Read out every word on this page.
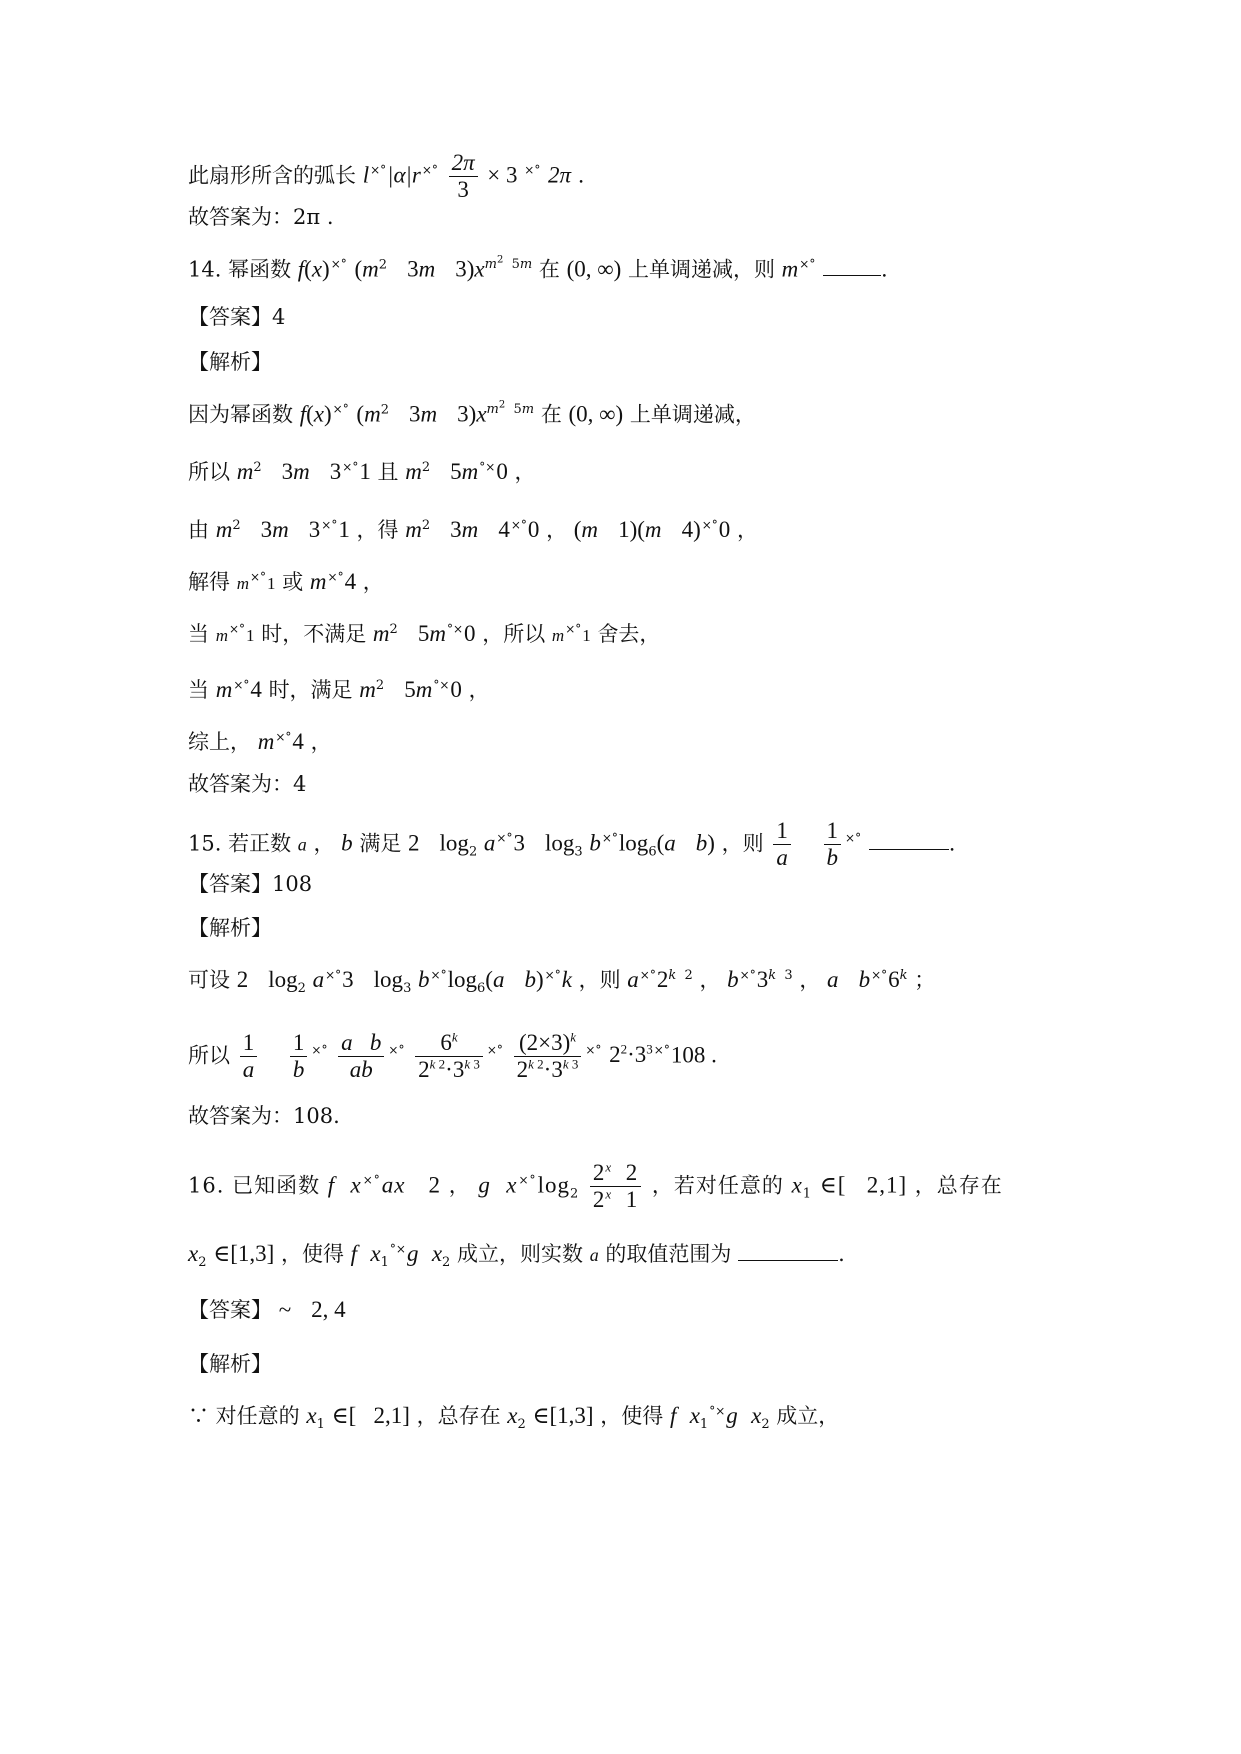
此扇形所含的弧长 $l^{\times^\circ}|\alpha|r^{\times^\circ} \frac{2\pi}{3} \times 3$ ×° 2π .
故答案为：2π .
14. 幂函数 f(x)×° ($m^2$ 3m $3)x^{m^2 5m}$ 在 (0, ∞) 上单调递减，则 m×°	.
【答案】4
【解析】
因为幂函数 f(x)×° ($m^2$ 3m $3)x^{m^2 5m}$ 在 (0, ∞) 上单调递减，
所以 $m^2$ 3m 3×°1 且 $m^2$ 5m°×0 ，
由 $m^2$ 3m 3×°1 ，得 $m^2$ 3m 4×°0 ， (m 1)(m 4)×°0 ，
解得 m×°1 或 m×°4 ，
当 m×°1 时，不满足 $m^2$ 5m°×0 ，所以 m×°1 舍去，
当 m×°4 时，满足 $m^2$ 5m°×0 ，
综上， m×°4 ，
故答案为：4
15. 若正数 a ， b 满足 2 $\log_2 a^{\times^\circ}3$ $\log_3 b^{\times^\circ}\log_6(a$ b) ，则 $\frac{1}{a}$
$\frac{1}{b} ^{\times^\circ}$	.
【答案】108
【解析】
可设 2 $\log_2 a^{\times^\circ}3$ $\log_3 b^{\times^\circ}\log_6(a$ b)×°k ，则 $a^{\times^\circ}2^{k 2}$ ， $b^{\times^\circ}3^{k 3}$ ， a b×°6$^k$ ；
所以 $\frac{1}{a}$
$\frac{1}{b} ^{\times^\circ} \frac{\text{a   b}}{ab} ^{\times^\circ} \frac{6^k}{2^{k 2}\cdot 3^{k 3}} ^{\times^\circ} \frac{(2\times 3)^k}{2^{k 2}\cdot 3^{k 3}} ^{\times^\circ}$ $2^2\cdot 3^{3\times^\circ}108$ .
故答案为：108.
16. 已知函数 f x×°ax 2 ， g $x^{\times^\circ}\log_2 \frac{2^x 2}{2^x 1}$ ，若对任意的 $x_1$ ∈[   2,1] ，总存在
$x_2$ ∈[1,3] ，使得 f $x_1^{^\circ\times}g$ $x_2$ 成立，则实数 a 的取值范围为	.
【答案】 ~ 2, 4
【解析】
∵ 对任意的 $x_1$ ∈[   2,1] ，总存在 $x_2$ ∈[1,3] ，使得 f $x_1^{^\circ\times}g$ $x_2$ 成立，
